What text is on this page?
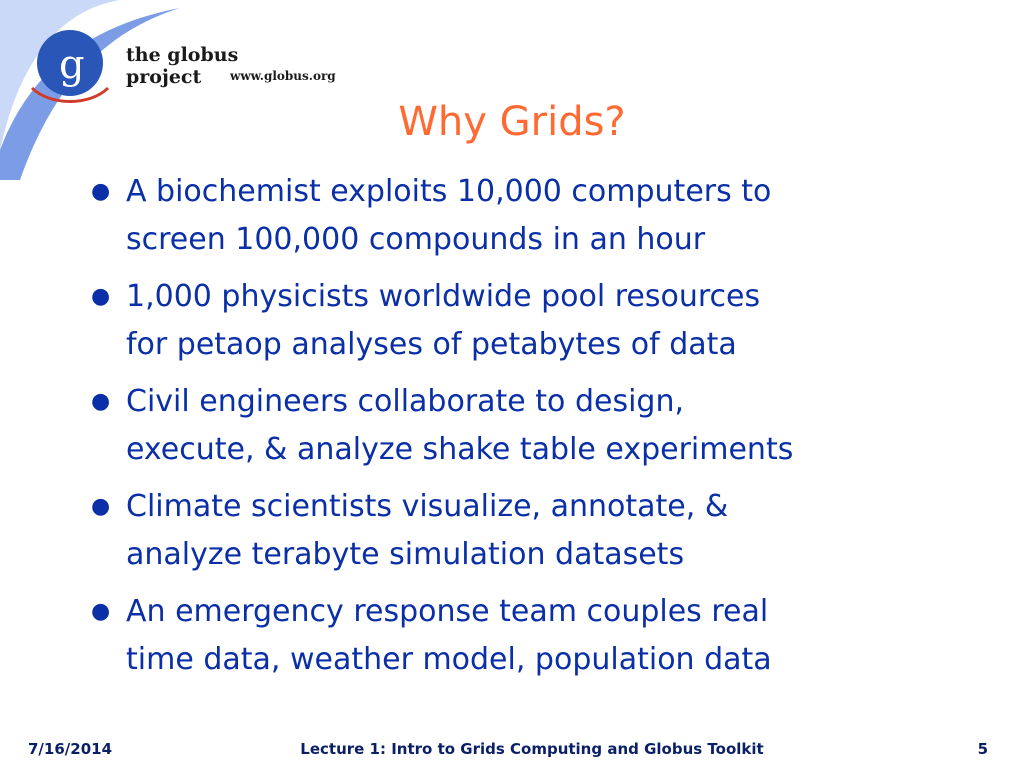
g the globus project	www.globus.org
Why Grids?
● A biochemist exploits 10,000 computers to
screen 100,000 compounds in an hour
● 1,000 physicists worldwide pool resources
for petaop analyses of petabytes of data
● Civil engineers collaborate to design,
execute, & analyze shake table experiments
● Climate scientists visualize, annotate, &
analyze terabyte simulation datasets
● An emergency response team couples real
time data, weather model, population data
7/16/2014	Lecture 1: Intro to Grids Computing and Globus Toolkit	5
